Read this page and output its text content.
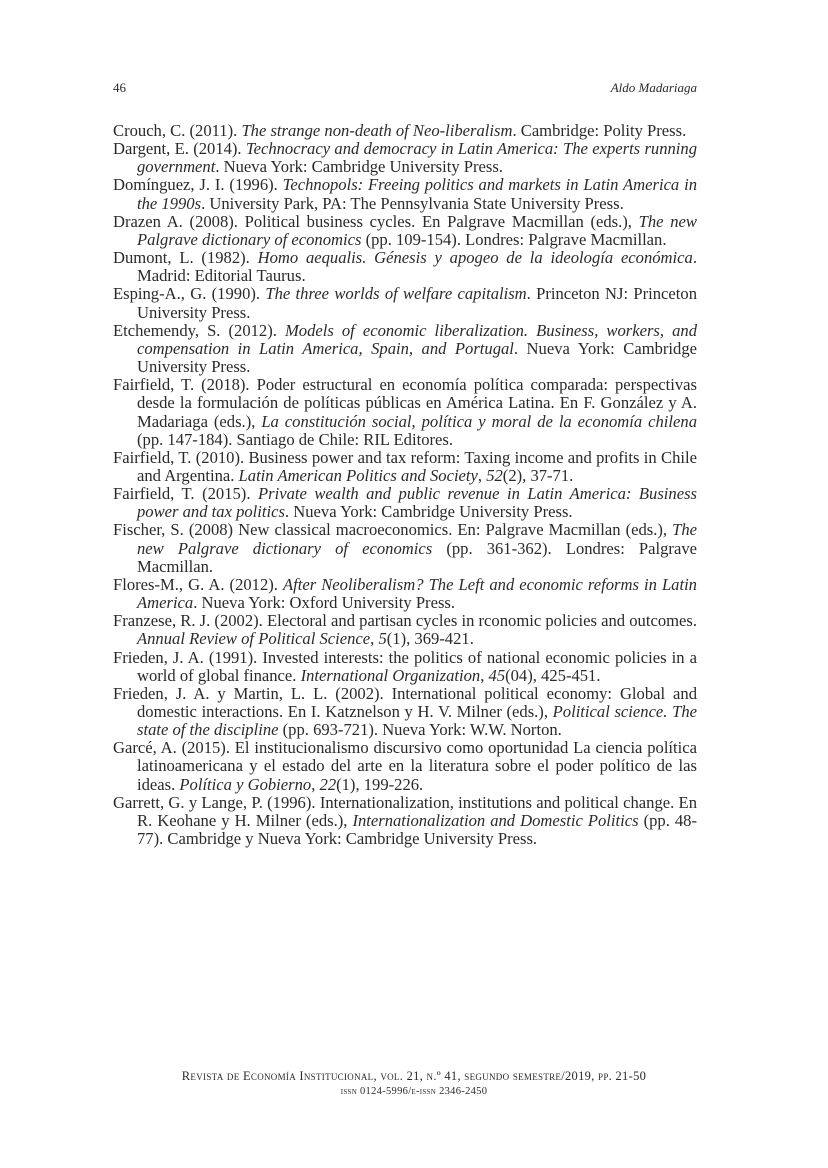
46	Aldo Madariaga

Crouch, C. (2011). The strange non-death of Neo-liberalism. Cambridge: Polity Press.

Dargent, E. (2014). Technocracy and democracy in Latin America: The experts running government. Nueva York: Cambridge University Press.

Domínguez, J. I. (1996). Technopols: Freeing politics and markets in Latin America in the 1990s. University Park, PA: The Pennsylvania State University Press.

Drazen A. (2008). Political business cycles. En Palgrave Macmillan (eds.), The new Palgrave dictionary of economics (pp. 109-154). Londres: Palgrave Macmillan.

Dumont, L. (1982). Homo aequalis. Génesis y apogeo de la ideología económica. Madrid: Editorial Taurus.

Esping-A., G. (1990). The three worlds of welfare capitalism. Princeton NJ: Princeton University Press.

Etchemendy, S. (2012). Models of economic liberalization. Business, workers, and compensation in Latin America, Spain, and Portugal. Nueva York: Cambridge University Press.

Fairfield, T. (2018). Poder estructural en economía política comparada: perspectivas desde la formulación de políticas públicas en América Latina. En F. González y A. Madariaga (eds.), La constitución social, política y moral de la economía chilena (pp. 147-184). Santiago de Chile: RIL Editores.

Fairfield, T. (2010). Business power and tax reform: Taxing income and profits in Chile and Argentina. Latin American Politics and Society, 52(2), 37-71.

Fairfield, T. (2015). Private wealth and public revenue in Latin America: Business power and tax politics. Nueva York: Cambridge University Press.

Fischer, S. (2008) New classical macroeconomics. En: Palgrave Macmillan (eds.), The new Palgrave dictionary of economics (pp. 361-362). Londres: Palgrave Macmillan.

Flores-M., G. A. (2012). After Neoliberalism? The Left and economic reforms in Latin America. Nueva York: Oxford University Press.

Franzese, R. J. (2002). Electoral and partisan cycles in rconomic policies and outcomes. Annual Review of Political Science, 5(1), 369-421.

Frieden, J. A. (1991). Invested interests: the politics of national economic policies in a world of global finance. International Organization, 45(04), 425-451.

Frieden, J. A. y Martin, L. L. (2002). International political economy: Global and domestic interactions. En I. Katznelson y H. V. Milner (eds.), Political science. The state of the discipline (pp. 693-721). Nueva York: W.W. Norton.

Garcé, A. (2015). El institucionalismo discursivo como oportunidad La ciencia política latinoamericana y el estado del arte en la literatura sobre el poder político de las ideas. Política y Gobierno, 22(1), 199-226.

Garrett, G. y Lange, P. (1996). Internationalization, institutions and political change. En R. Keohane y H. Milner (eds.), Internationalization and Domestic Politics (pp. 48-77). Cambridge y Nueva York: Cambridge University Press.

Revista de Economía Institucional, vol. 21, n.º 41, segundo semestre/2019, pp. 21-50
issn 0124-5996/e-issn 2346-2450
